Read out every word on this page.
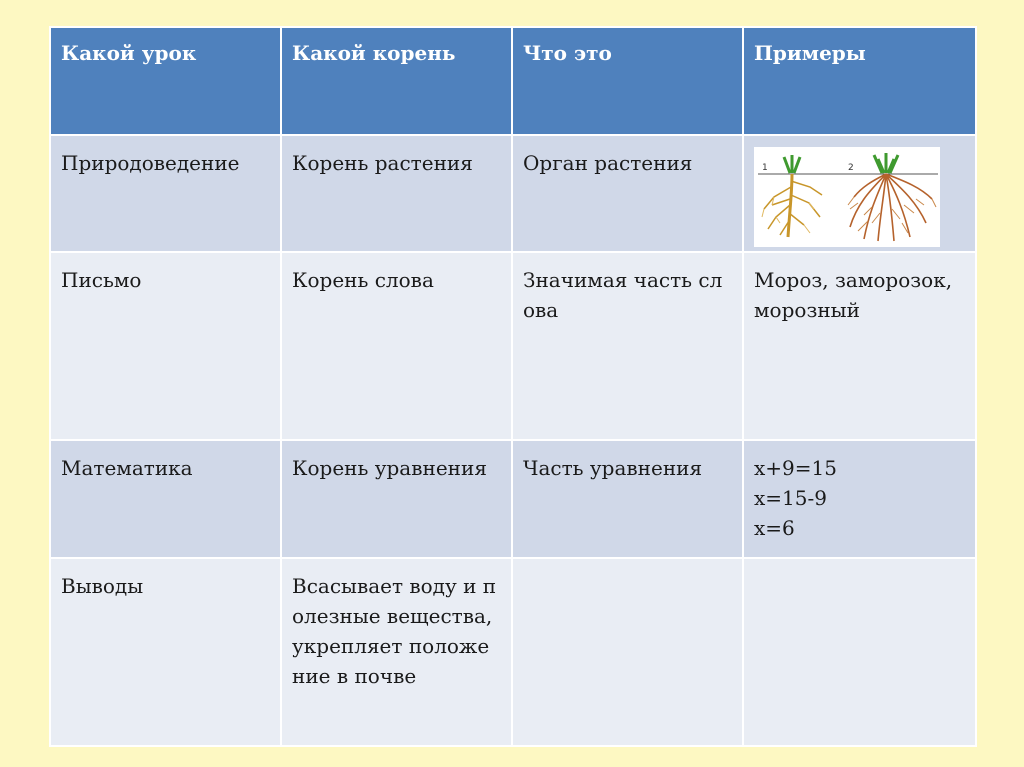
Какой урок	Какой корень	Что это	Примеры
Природоведение	Корень растения	Орган растения	1 2

Письмо	Корень слова	Значимая часть слова	Мороз, заморозок, морозный
Математика	Корень уравнения	Часть уравнения	x+9=15
x=15-9
x=6

Выводы	Всасывает воду и полезные вещества,укрепляет положение в почве		
